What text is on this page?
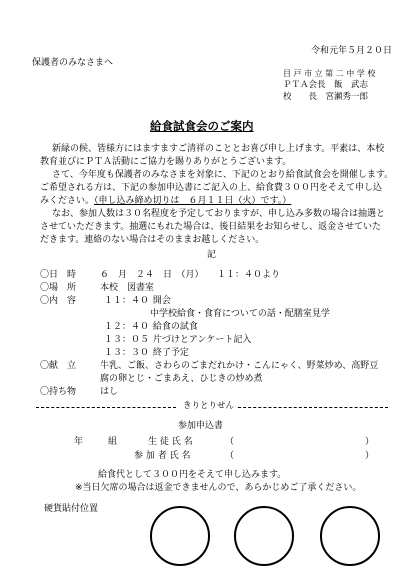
令和元年５月２０日
保護者のみなさまへ
目 戸 市 立 第 二 中 学 校
ＰＴＡ会長　飯　武志
校　　長　宮瀬秀一郎
給食試食会のご案内
新緑の候、皆様方にはますますご清祥のこととお喜び申し上げます。平素は、本校
教育並びにＰＴＡ活動にご協力を賜りありがとうございます。
さて、今年度も保護者のみなさまを対象に、下記のとおり給食試食会を開催します。
ご希望される方は、下記の参加申込書にご記入の上、給食費３００円をそえて申し込
みください。（申し込み締め切りは　６月１１日（火）です。）
なお、参加人数は３０名程度を予定しておりますが、申し込み多数の場合は抽選と
させていただきます。抽選にもれた場合は、後日結果をお知らせし、返金させていた
だきます。連絡のない場合はそのままお越しください。
記
〇日　時	６　月　２４　日　（月）　　１１：４０より
〇場　所	本校　図書室
〇内　容	１１：４０ 開会
中学校給食・食育についての話・配膳室見学
１２：４０ 給食の試食
１３：０５ 片づけとアンケート記入
１３：３０ 終了予定
〇献　立	牛乳、ご飯、さわらのごまだれかけ・こんにゃく、野菜炒め、高野豆
腐の卵とじ・ごまあえ、ひじきの炒め煮
〇持ち物	はし
きりとりせん
参加申込書
年	組	生 徒 氏 名	（	）
参 加 者 氏 名	（	）
給食代として３００円をそえて申し込みます。
※当日欠席の場合は返金できませんので、あらかじめご了承ください。
硬貨貼付位置
